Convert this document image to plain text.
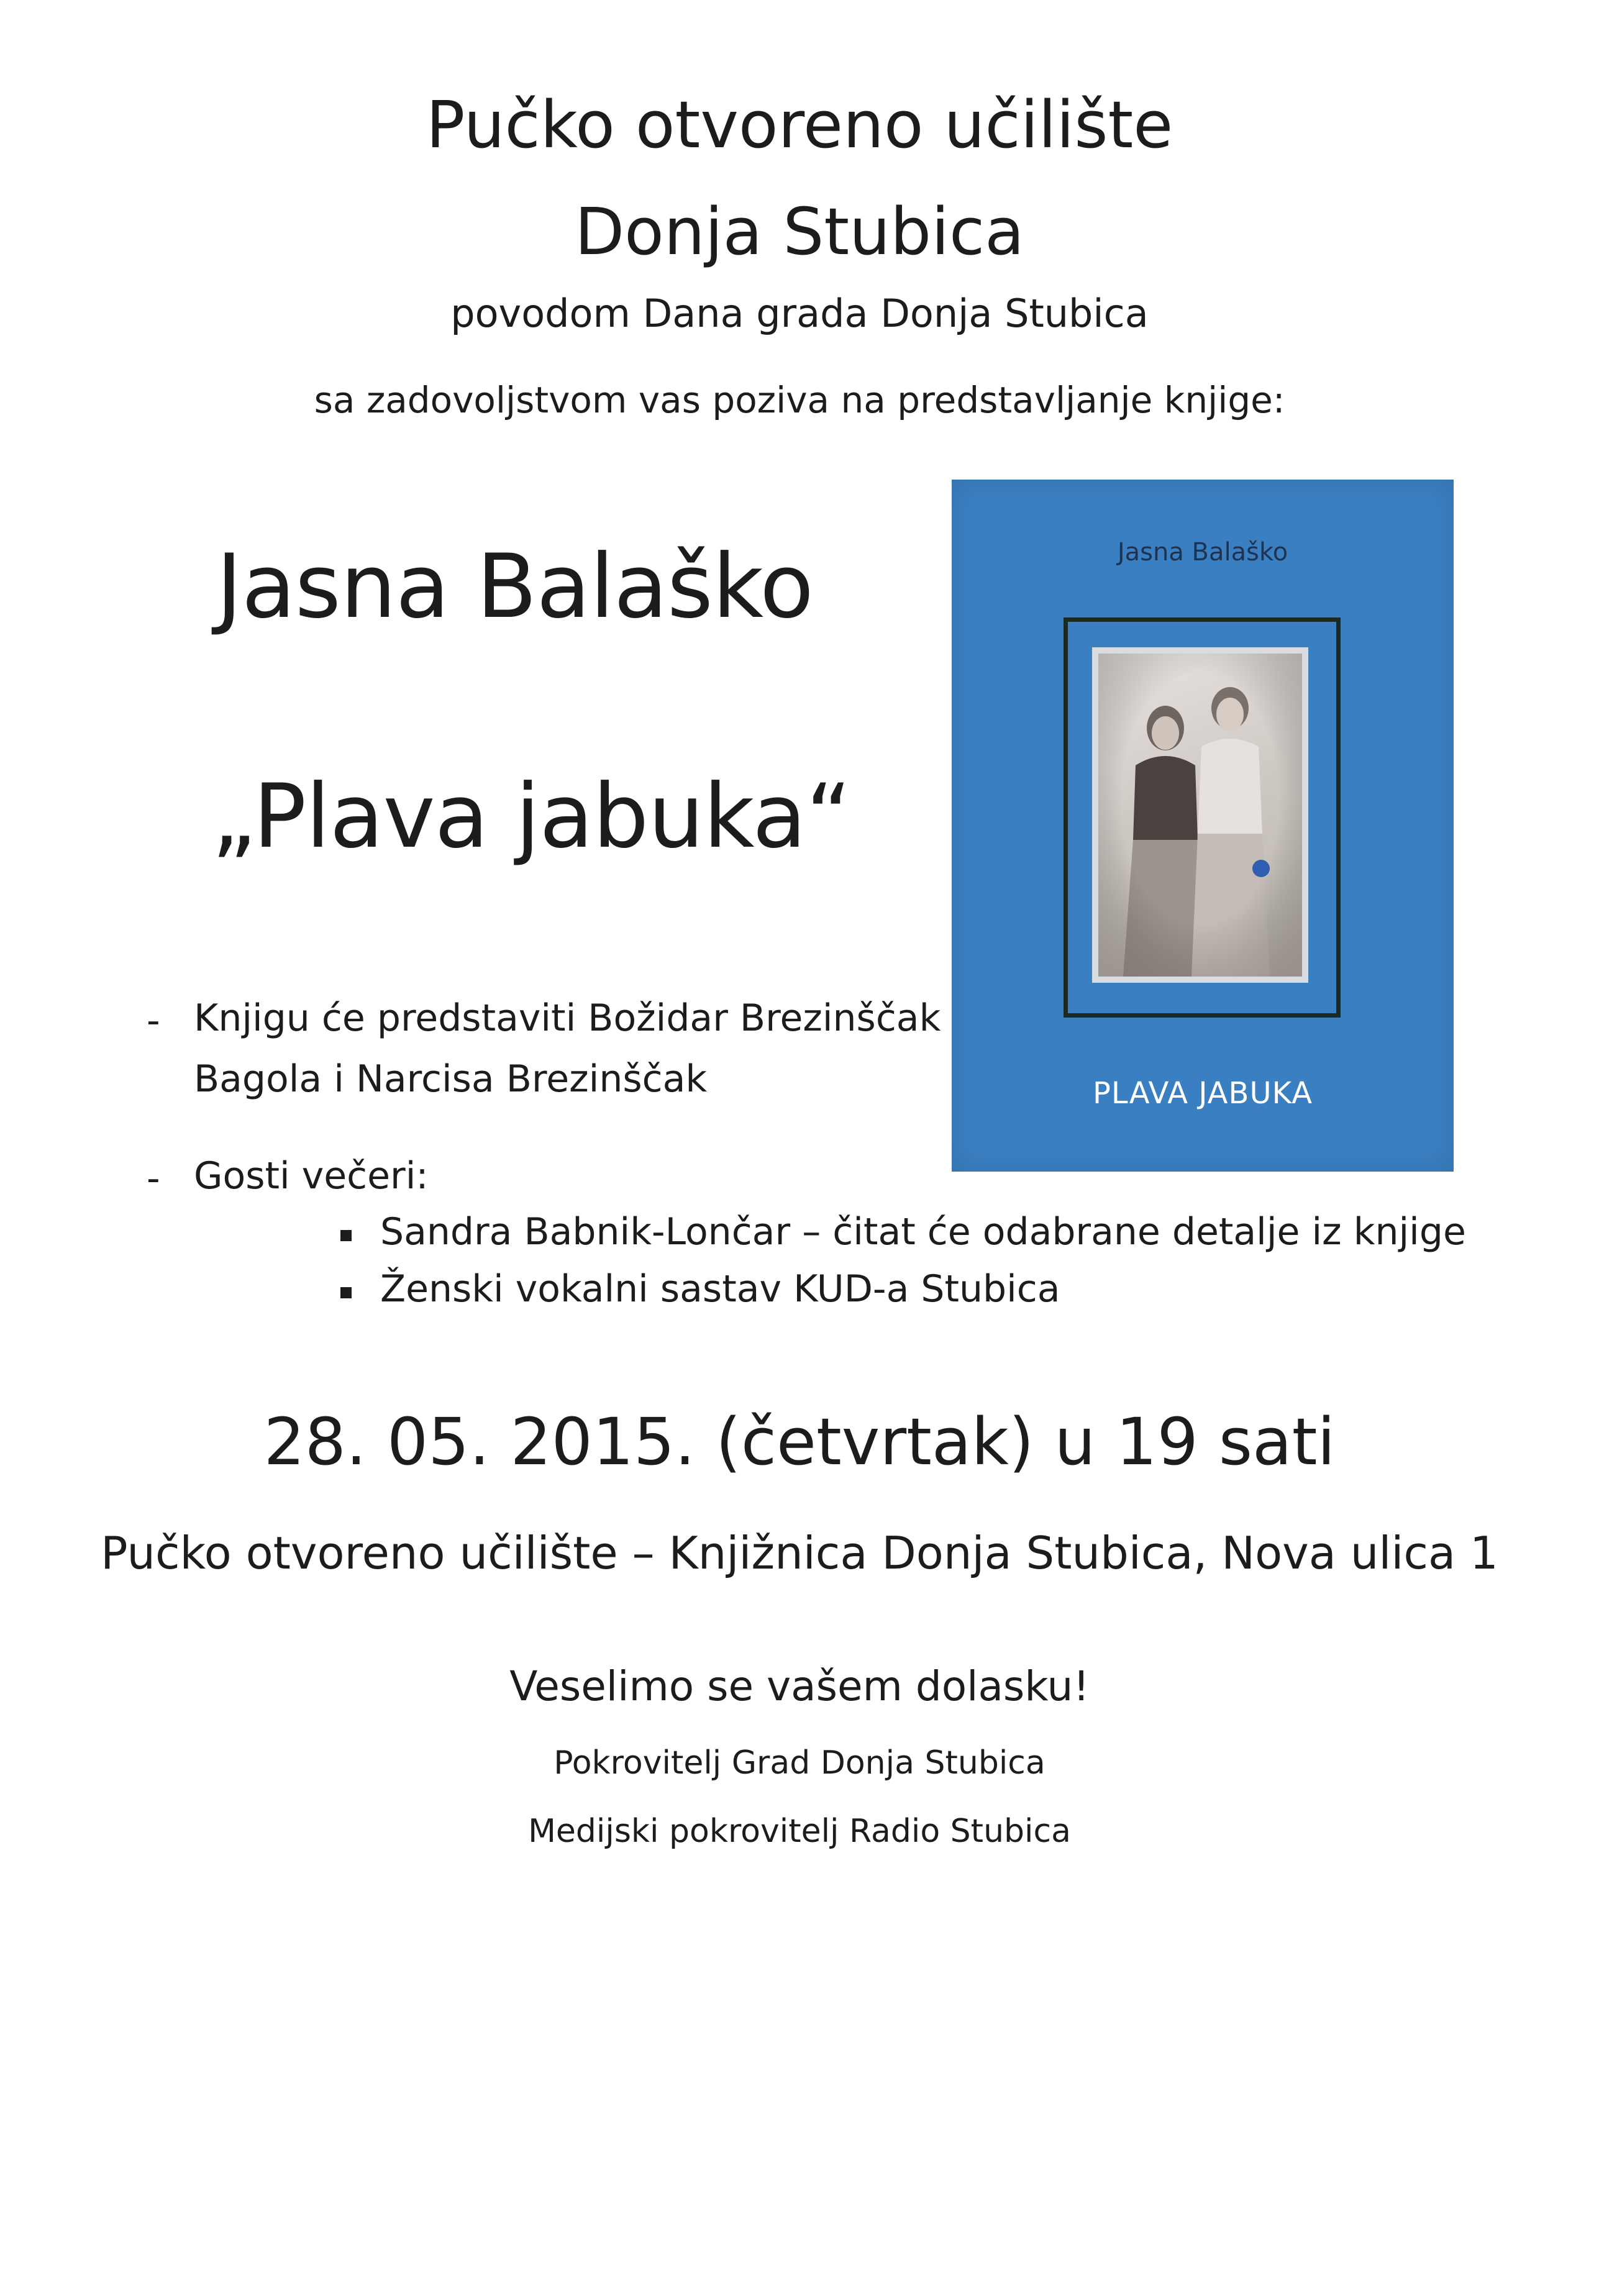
Pučko otvoreno učilište
Donja Stubica
povodom Dana grada Donja Stubica
sa zadovoljstvom vas poziva na predstavljanje knjige:
Jasna Balaško
„Plava jabuka“
Jasna Balaško
PLAVA JABUKA
- Knjigu će predstaviti Božidar Brezinščak
Bagola i Narcisa Brezinščak
- Gosti večeri:
Sandra Babnik-Lončar – čitat će odabrane detalje iz knjige
Ženski vokalni sastav KUD-a Stubica
28. 05. 2015. (četvrtak) u 19 sati
Pučko otvoreno učilište – Knjižnica Donja Stubica, Nova ulica 1
Veselimo se vašem dolasku!
Pokrovitelj Grad Donja Stubica
Medijski pokrovitelj Radio Stubica
